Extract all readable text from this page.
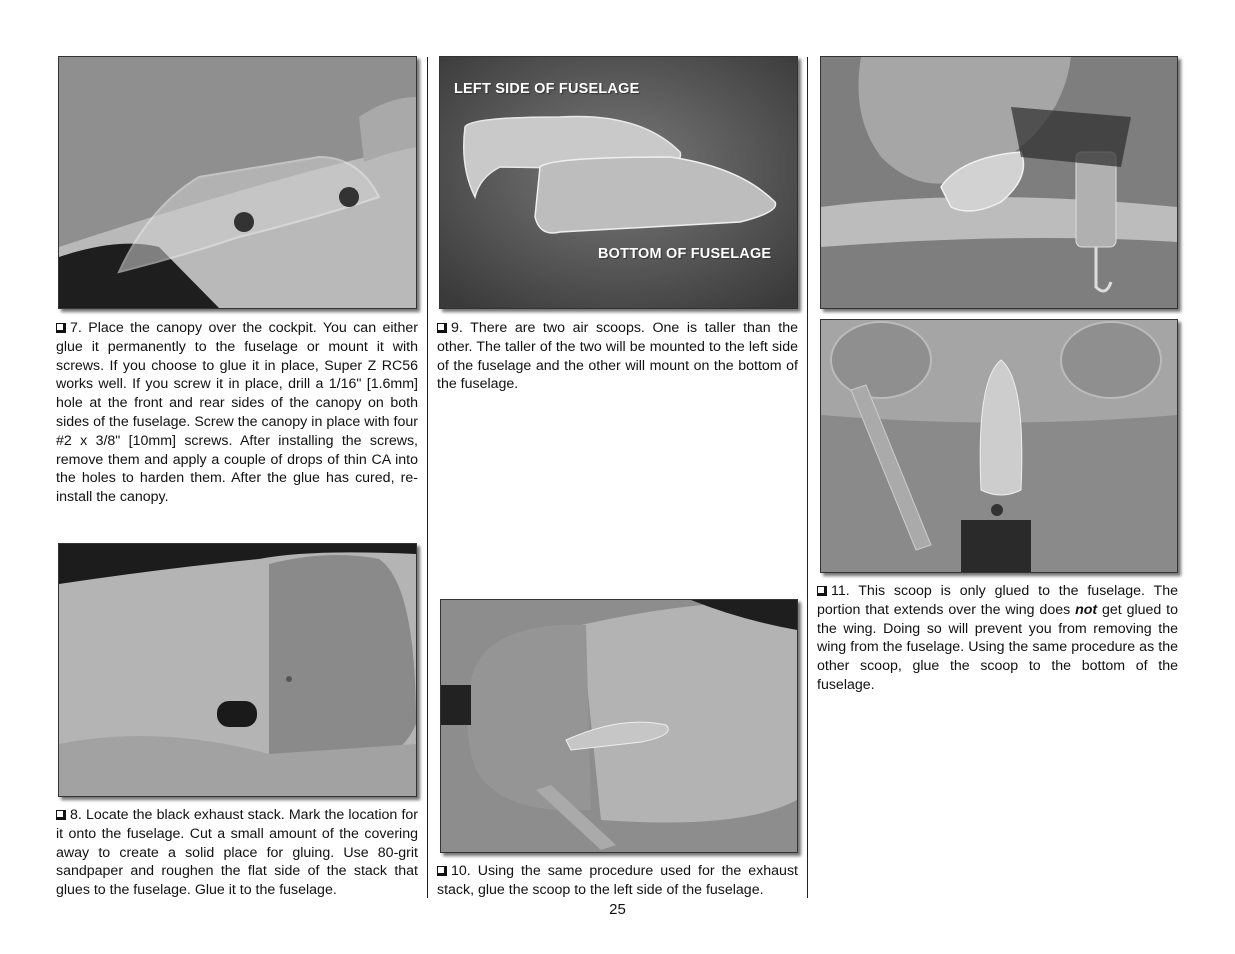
7. Place the canopy over the cockpit. You can either glue it permanently to the fuselage or mount it with screws. If you choose to glue it in place, Super Z RC56 works well. If you screw it in place, drill a 1/16" [1.6mm] hole at the front and rear sides of the canopy on both sides of the fuselage. Screw the canopy in place with four #2 x 3/8" [10mm] screws. After installing the screws, remove them and apply a couple of drops of thin CA into the holes to harden them. After the glue has cured, re-install the canopy.
8. Locate the black exhaust stack. Mark the location for it onto the fuselage. Cut a small amount of the covering away to create a solid place for gluing. Use 80-grit sandpaper and roughen the flat side of the stack that glues to the fuselage. Glue it to the fuselage.
LEFT SIDE OF FUSELAGE
BOTTOM OF FUSELAGE
9. There are two air scoops. One is taller than the other. The taller of the two will be mounted to the left side of the fuselage and the other will mount on the bottom of the fuselage.
10. Using the same procedure used for the exhaust stack, glue the scoop to the left side of the fuselage.
11. This scoop is only glued to the fuselage. The portion that extends over the wing does not get glued to the wing. Doing so will prevent you from removing the wing from the fuselage. Using the same procedure as the other scoop, glue the scoop to the bottom of the fuselage.
25
